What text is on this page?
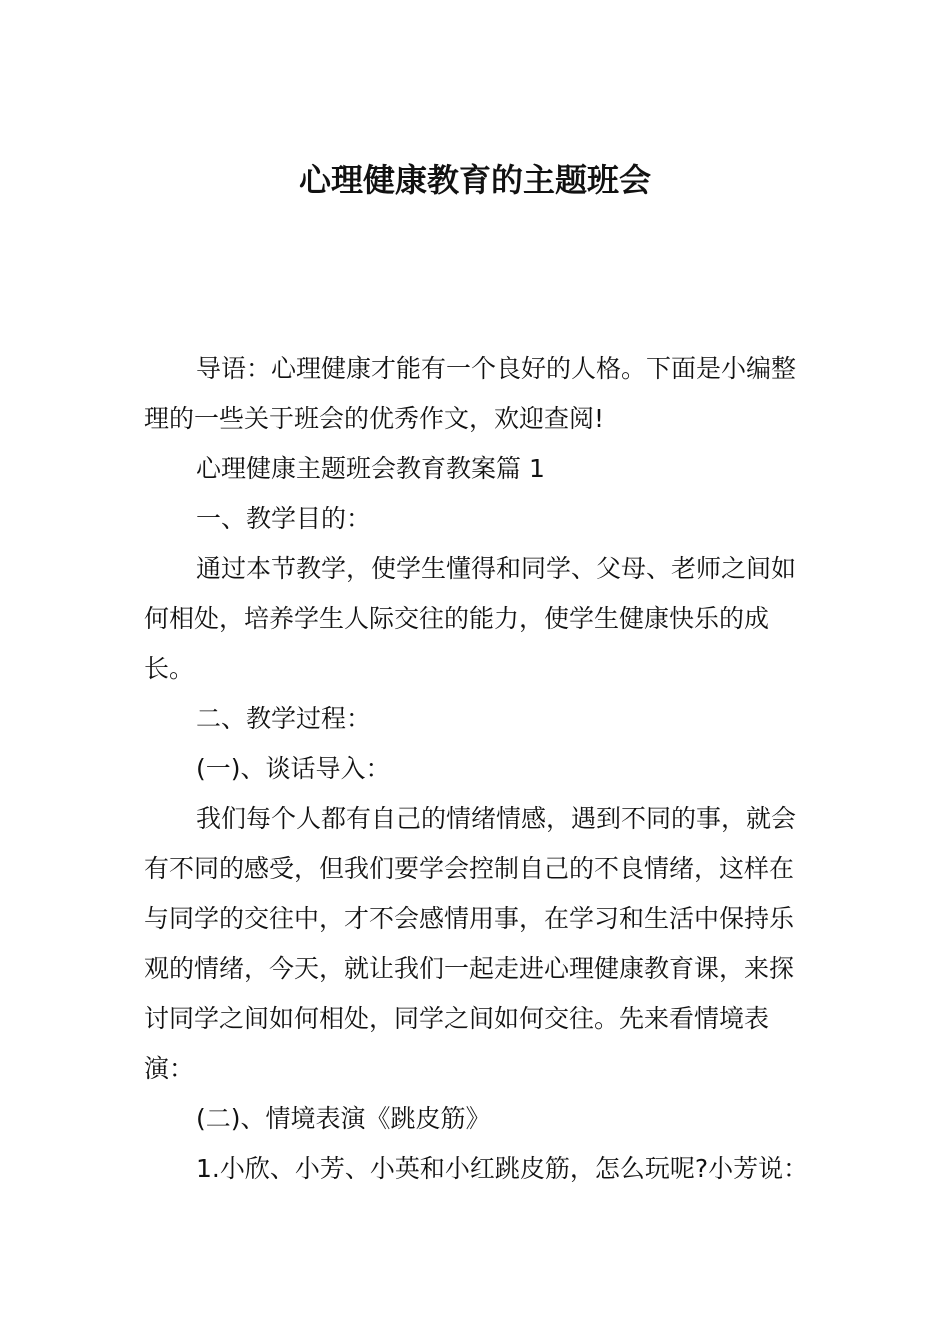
心理健康教育的主题班会

导语：心理健康才能有一个良好的人格。下面是小编整理的一些关于班会的优秀作文，欢迎查阅!

心理健康主题班会教育教案篇 1

一、教学目的：

通过本节教学，使学生懂得和同学、父母、老师之间如何相处，培养学生人际交往的能力，使学生健康快乐的成长。

二、教学过程：

(一)、谈话导入：

我们每个人都有自己的情绪情感，遇到不同的事，就会有不同的感受，但我们要学会控制自己的不良情绪，这样在与同学的交往中，才不会感情用事，在学习和生活中保持乐观的情绪，今天，就让我们一起走进心理健康教育课，来探讨同学之间如何相处，同学之间如何交往。先来看情境表演：

(二)、情境表演《跳皮筋》

1.小欣、小芳、小英和小红跳皮筋，怎么玩呢?小芳说：
